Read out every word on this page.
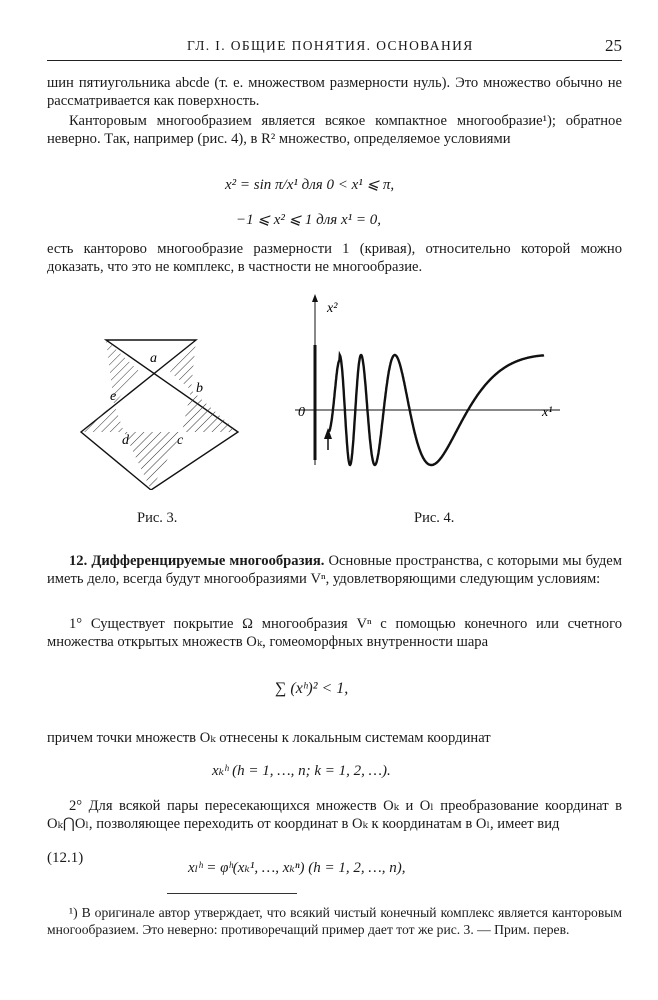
ГЛ. I. ОБЩИЕ ПОНЯТИЯ. ОСНОВАНИЯ	25
шин пятиугольника abcde (т. е. множеством размерности нуль). Это множество обычно не рассматривается как поверхность.
Канторовым многообразием является всякое компактное многообразие¹); обратное неверно. Так, например (рис. 4), в R² множество, определяемое условиями
x² = sin π/x¹ для 0 < x¹ ⩽ π,
−1 ⩽ x² ⩽ 1 для x¹ = 0,
есть канторово многообразие размерности 1 (кривая), относительно которой можно доказать, что это не комплекс, в частности не многообразие.
a
b
c
d
e
Рис. 3.
x²
x¹
0
Рис. 4.
12. Дифференцируемые многообразия. Основные пространства, с которыми мы будем иметь дело, всегда будут многообразиями Vⁿ, удовлетворяющими следующим условиям:
1° Существует покрытие Ω многообразия Vⁿ с помощью конечного или счетного множества открытых множеств Oₖ, гомеоморфных внутренности шара
∑ (xʰ)² < 1,
причем точки множеств Oₖ отнесены к локальным системам координат
xₖʰ (h = 1, …, n; k = 1, 2, …).
2° Для всякой пары пересекающихся множеств Oₖ и Oₗ преобразование координат в Oₖ⋂Oₗ, позволяющее переходить от координат в Oₖ к координатам в Oₗ, имеет вид
(12.1)
xₗʰ = φʰ(xₖ¹, …, xₖⁿ) (h = 1, 2, …, n),
¹) В оригинале автор утверждает, что всякий чистый конечный комплекс является канторовым многообразием. Это неверно: противоречащий пример дает тот же рис. 3. — Прим. перев.
